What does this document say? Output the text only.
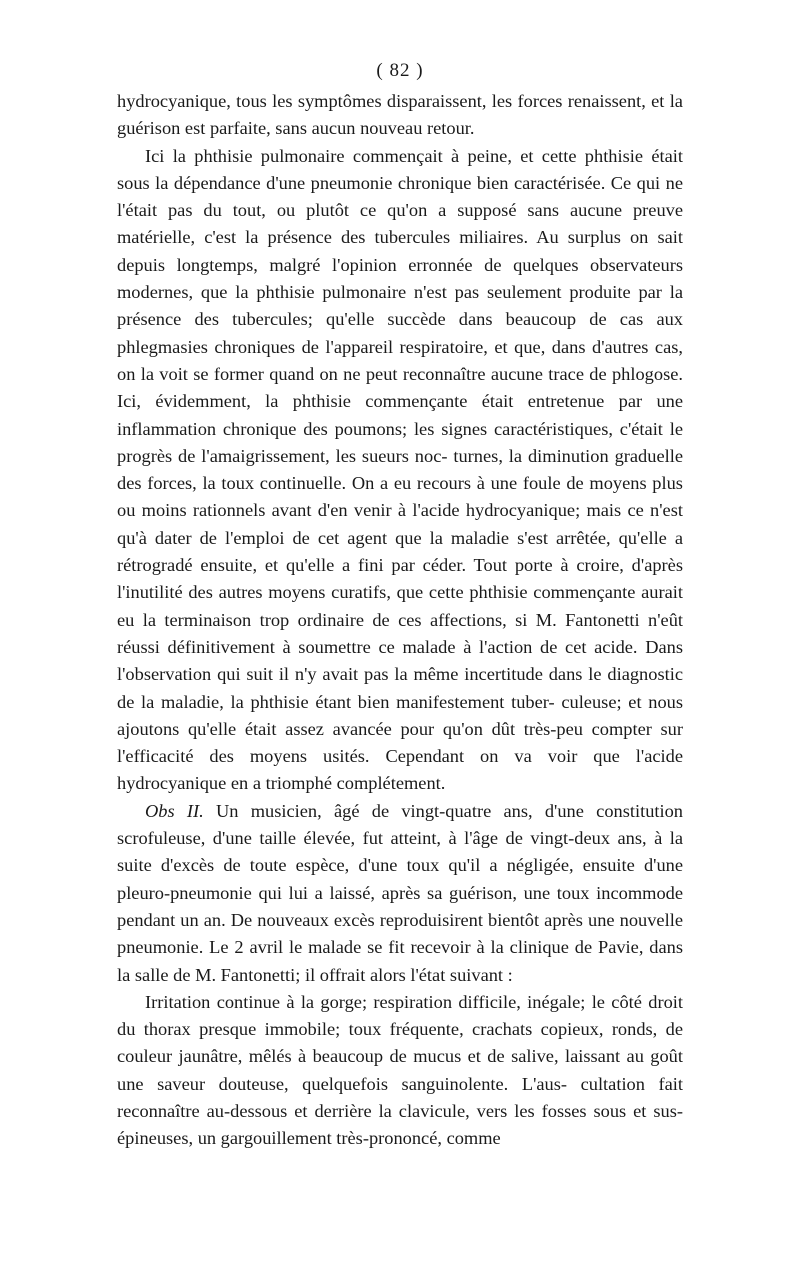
( 82 )

hydrocyanique, tous les symptômes disparaissent, les forces renaissent, et la guérison est parfaite, sans aucun nouveau retour.

Ici la phthisie pulmonaire commençait à peine, et cette phthisie était sous la dépendance d'une pneumonie chronique bien caractérisée. Ce qui ne l'était pas du tout, ou plutôt ce qu'on a supposé sans aucune preuve matérielle, c'est la présence des tubercules miliaires. Au surplus on sait depuis longtemps, malgré l'opinion erronnée de quelques observateurs modernes, que la phthisie pulmonaire n'est pas seulement produite par la présence des tubercules; qu'elle succède dans beaucoup de cas aux phlegmasies chroniques de l'appareil respiratoire, et que, dans d'autres cas, on la voit se former quand on ne peut reconnaître aucune trace de phlogose. Ici, évidemment, la phthisie commençante était entretenue par une inflammation chronique des poumons; les signes caractéristiques, c'était le progrès de l'amaigrissement, les sueurs noc- turnes, la diminution graduelle des forces, la toux continuelle. On a eu recours à une foule de moyens plus ou moins rationnels avant d'en venir à l'acide hydrocyanique; mais ce n'est qu'à dater de l'emploi de cet agent que la maladie s'est arrêtée, qu'elle a rétrogradé ensuite, et qu'elle a fini par céder. Tout porte à croire, d'après l'inutilité des autres moyens curatifs, que cette phthisie commençante aurait eu la terminaison trop ordinaire de ces affections, si M. Fantonetti n'eût réussi définitivement à soumettre ce malade à l'action de cet acide. Dans l'observation qui suit il n'y avait pas la même incertitude dans le diagnostic de la maladie, la phthisie étant bien manifestement tuber- culeuse; et nous ajoutons qu'elle était assez avancée pour qu'on dût très-peu compter sur l'efficacité des moyens usités. Cependant on va voir que l'acide hydrocyanique en a triomphé complétement.

Obs II. Un musicien, âgé de vingt-quatre ans, d'une constitution scrofuleuse, d'une taille élevée, fut atteint, à l'âge de vingt-deux ans, à la suite d'excès de toute espèce, d'une toux qu'il a négligée, ensuite d'une pleuro-pneumonie qui lui a laissé, après sa guérison, une toux incommode pendant un an. De nouveaux excès reproduisirent bientôt après une nouvelle pneumonie. Le 2 avril le malade se fit recevoir à la clinique de Pavie, dans la salle de M. Fantonetti; il offrait alors l'état suivant :

Irritation continue à la gorge; respiration difficile, inégale; le côté droit du thorax presque immobile; toux fréquente, crachats copieux, ronds, de couleur jaunâtre, mêlés à beaucoup de mucus et de salive, laissant au goût une saveur douteuse, quelquefois sanguinolente. L'aus- cultation fait reconnaître au-dessous et derrière la clavicule, vers les fosses sous et sus-épineuses, un gargouillement très-prononcé, comme
